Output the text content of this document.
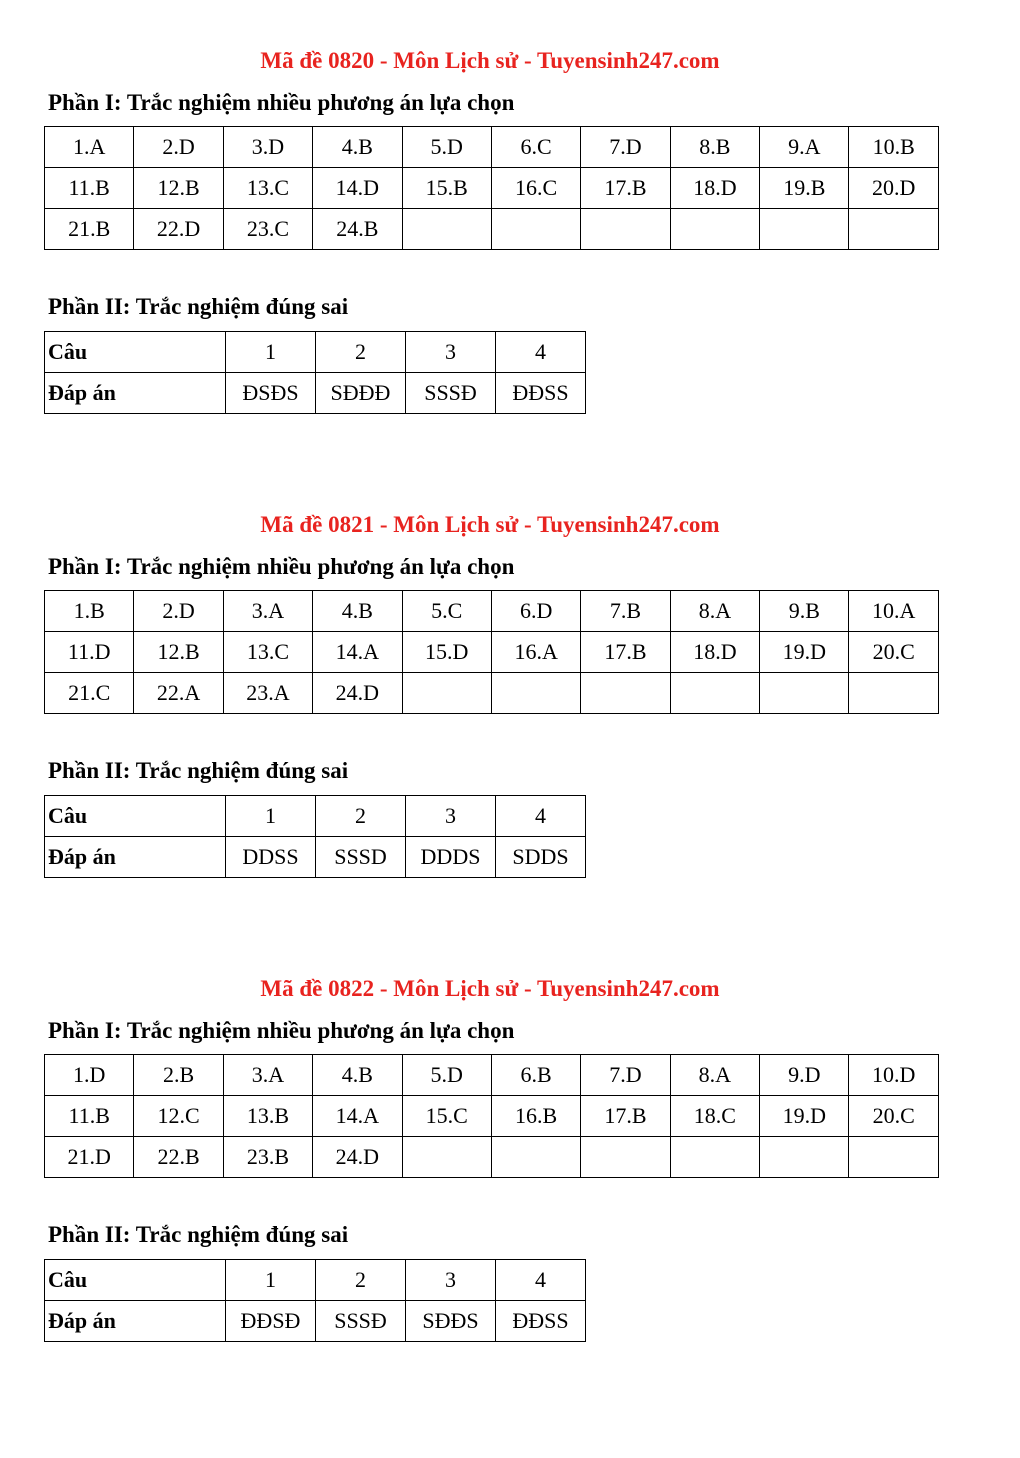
Mã đề 0820 - Môn Lịch sử - Tuyensinh247.com
Phần I: Trắc nghiệm nhiều phương án lựa chọn
1.A	2.D	3.D	4.B	5.D	6.C	7.D	8.B	9.A	10.B
11.B	12.B	13.C	14.D	15.B	16.C	17.B	18.D	19.B	20.D
21.B	22.D	23.C	24.B						
Phần II: Trắc nghiệm đúng sai
Câu	1	2	3	4
Đáp án	ĐSĐS	SĐĐĐ	SSSĐ	ĐĐSS
Mã đề 0821 - Môn Lịch sử - Tuyensinh247.com
Phần I: Trắc nghiệm nhiều phương án lựa chọn
1.B	2.D	3.A	4.B	5.C	6.D	7.B	8.A	9.B	10.A
11.D	12.B	13.C	14.A	15.D	16.A	17.B	18.D	19.D	20.C
21.C	22.A	23.A	24.D						
Phần II: Trắc nghiệm đúng sai
Câu	1	2	3	4
Đáp án	DDSS	SSSD	DDDS	SDDS
Mã đề 0822 - Môn Lịch sử - Tuyensinh247.com
Phần I: Trắc nghiệm nhiều phương án lựa chọn
1.D	2.B	3.A	4.B	5.D	6.B	7.D	8.A	9.D	10.D
11.B	12.C	13.B	14.A	15.C	16.B	17.B	18.C	19.D	20.C
21.D	22.B	23.B	24.D						
Phần II: Trắc nghiệm đúng sai
Câu	1	2	3	4
Đáp án	ĐĐSĐ	SSSĐ	SĐĐS	ĐĐSS
